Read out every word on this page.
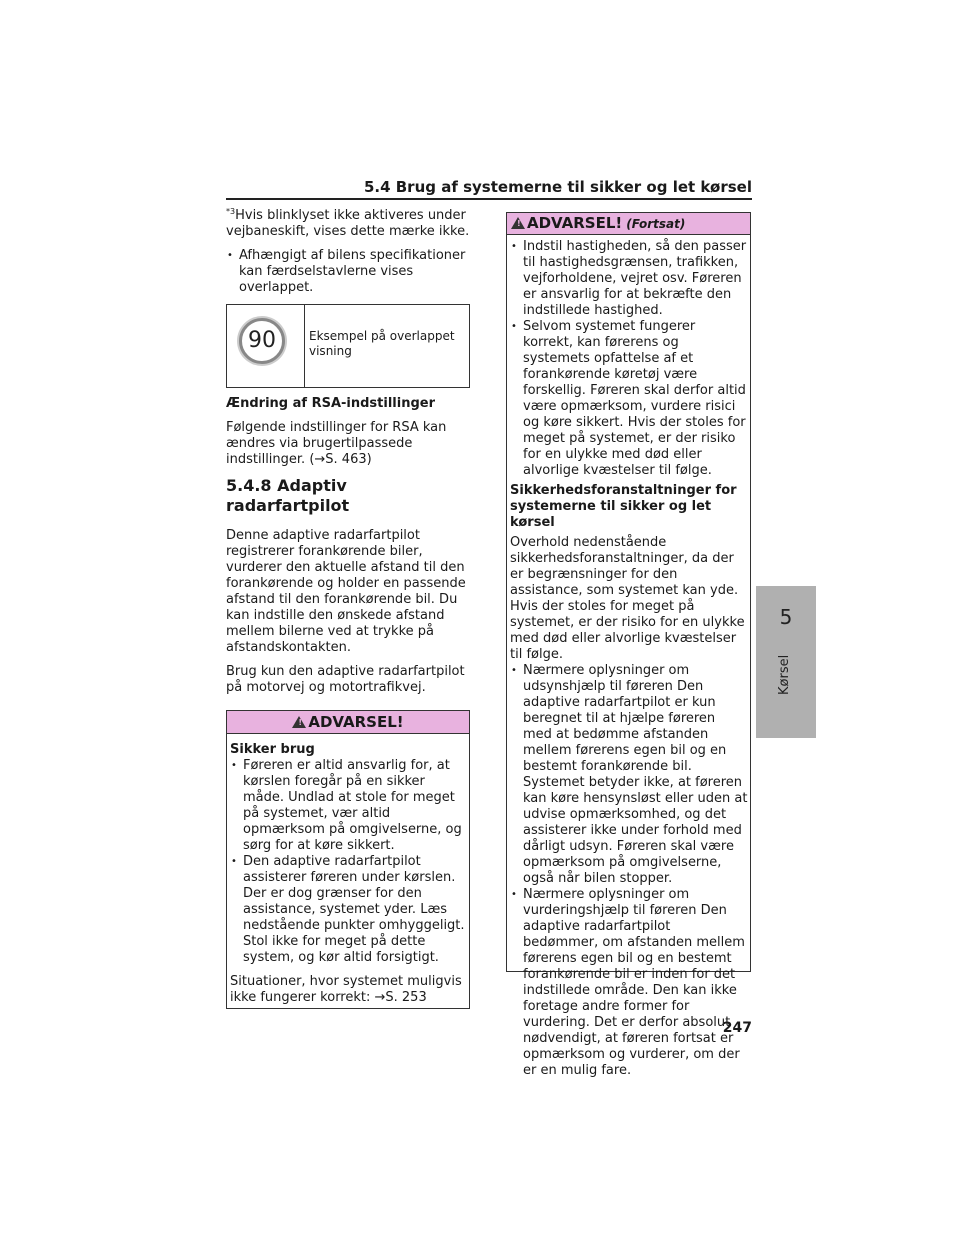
5.4 Brug af systemerne til sikker og let kørsel

$^{*3}$Hvis blinklyset ikke aktiveres under vejbaneskift, vises dette mærke ikke.

• Afhængigt af bilens specifikationer kan færdselstavlerne vises overlappet.
90	Eksempel på overlappet visning

Ændring af RSA-indstillinger

Følgende indstillinger for RSA kan ændres via brugertilpassede indstillinger. (→S. 463)

5.4.8 Adaptiv radarfartpilot

Denne adaptive radarfartpilot registrerer forankørende biler, vurderer den aktuelle afstand til den forankørende og holder en passende afstand til den forankørende bil. Du kan indstille den ønskede afstand mellem bilerne ved at trykke på afstandskontakten.

Brug kun den adaptive radarfartpilot på motorvej og motortrafikvej.

! ADVARSEL!
Sikker brug
• Føreren er altid ansvarlig for, at kørslen foregår på en sikker måde. Undlad at stole for meget på systemet, vær altid opmærksom på omgivelserne, og sørg for at køre sikkert.
• Den adaptive radarfartpilot assisterer føreren under kørslen. Der er dog grænser for den assistance, systemet yder. Læs nedstående punkter omhyggeligt. Stol ikke for meget på dette system, og kør altid forsigtigt.

Situationer, hvor systemet muligvis ikke fungerer korrekt: →S. 253

! ADVARSEL! (Fortsat)
• Indstil hastigheden, så den passer til hastighedsgrænsen, trafikken, vejforholdene, vejret osv. Føreren er ansvarlig for at bekræfte den indstillede hastighed.
• Selvom systemet fungerer korrekt, kan førerens og systemets opfattelse af et forankørende køretøj være forskellig. Føreren skal derfor altid være opmærksom, vurdere risici og køre sikkert. Hvis der stoles for meget på systemet, er der risiko for en ulykke med død eller alvorlige kvæstelser til følge.
Sikkerhedsforanstaltninger for systemerne til sikker og let kørsel

Overhold nedenstående sikkerhedsforanstaltninger, da der er begrænsninger for den assistance, som systemet kan yde. Hvis der stoles for meget på systemet, er der risiko for en ulykke med død eller alvorlige kvæstelser til følge.

• Nærmere oplysninger om udsynshjælp til føreren Den adaptive radarfartpilot er kun beregnet til at hjælpe føreren med at bedømme afstanden mellem førerens egen bil og en bestemt forankørende bil. Systemet betyder ikke, at føreren kan køre hensynsløst eller uden at udvise opmærksomhed, og det assisterer ikke under forhold med dårligt udsyn. Føreren skal være opmærksom på omgivelserne, også når bilen stopper.
• Nærmere oplysninger om vurderingshjælp til føreren Den adaptive radarfartpilot bedømmer, om afstanden mellem førerens egen bil og en bestemt forankørende bil er inden for det indstillede område. Den kan ikke foretage andre former for vurdering. Det er derfor absolut nødvendigt, at føreren fortsat er opmærksom og vurderer, om der er en mulig fare.
5
Kørsel
247
